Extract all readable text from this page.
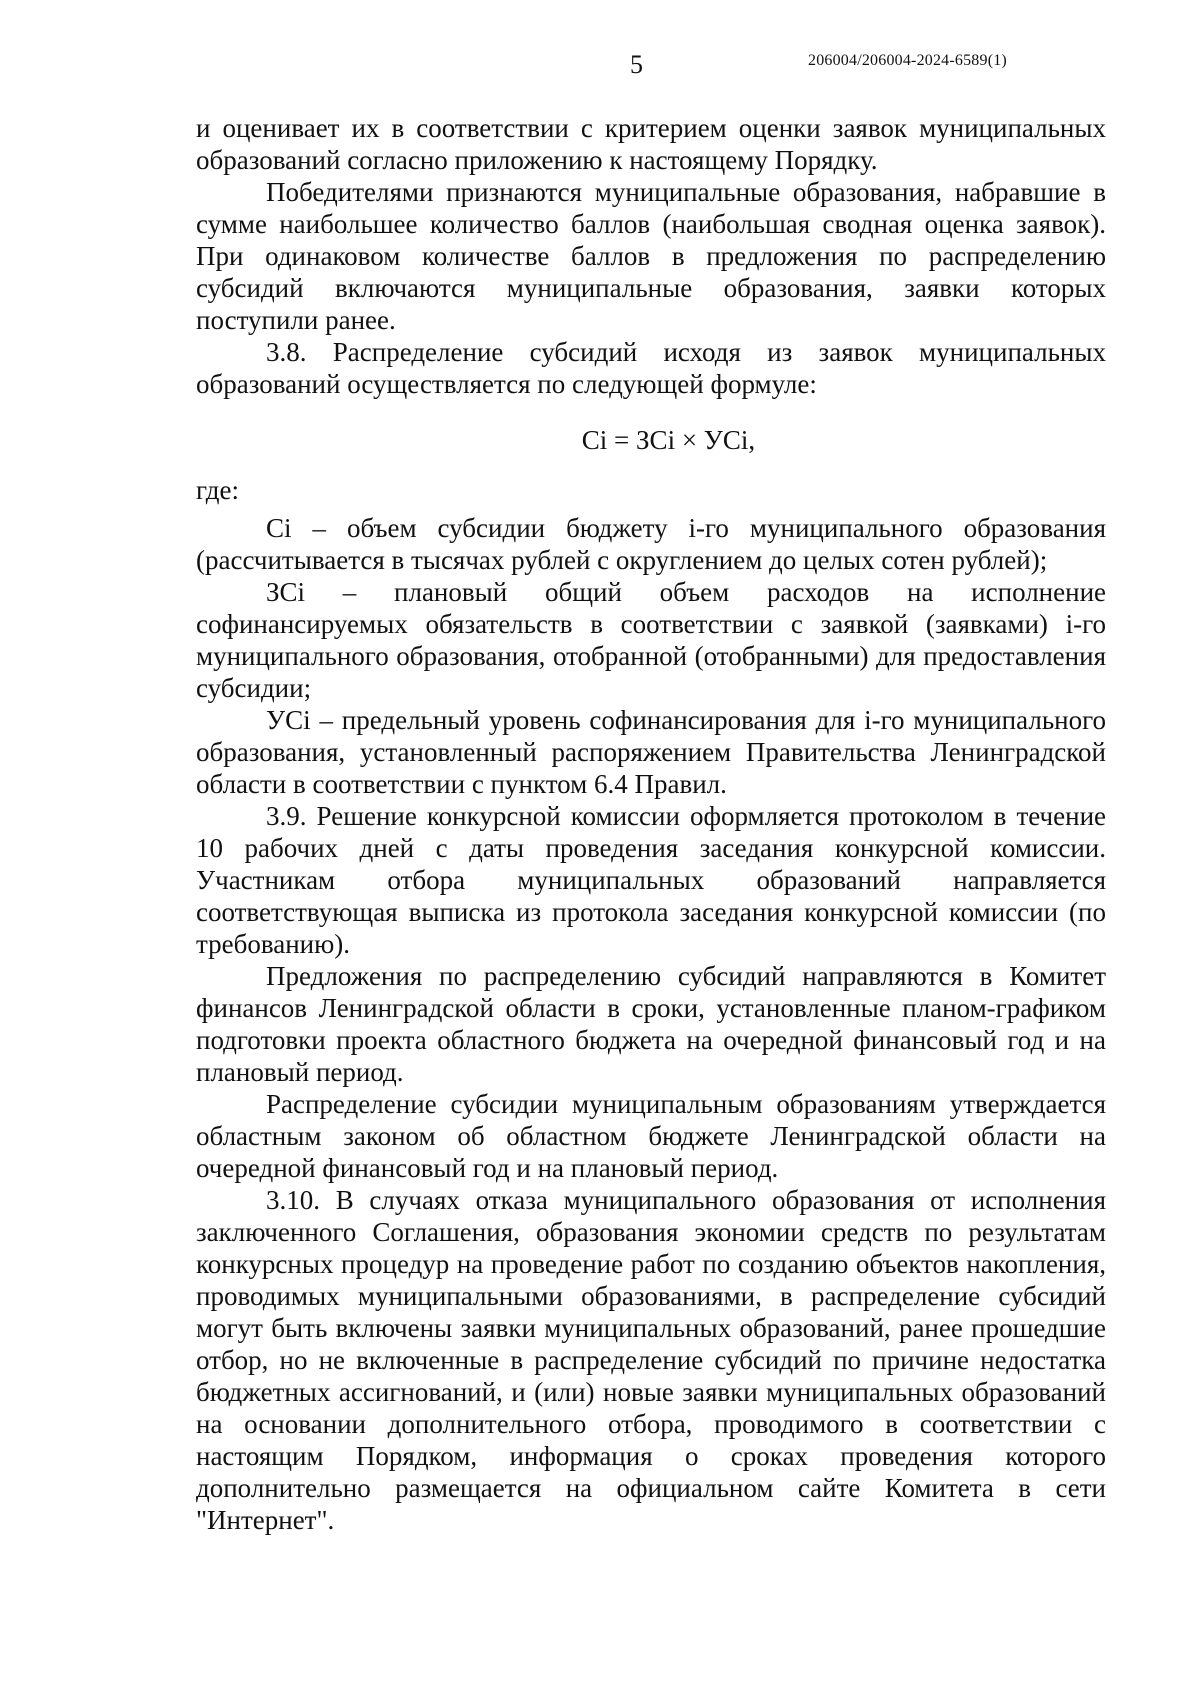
5	206004/206004-2024-6589(1)

и оценивает их в соответствии с критерием оценки заявок муниципальных образований согласно приложению к настоящему Порядку.

Победителями признаются муниципальные образования, набравшие в сумме наибольшее количество баллов (наибольшая сводная оценка заявок). При одинаковом количестве баллов в предложения по распределению субсидий включаются муниципальные образования, заявки которых поступили ранее.

3.8. Распределение субсидий исходя из заявок муниципальных образований осуществляется по следующей формуле:

Ci = ЗCi × УCi,

где:

Ci – объем субсидии бюджету i-го муниципального образования (рассчитывается в тысячах рублей с округлением до целых сотен рублей);

ЗCi – плановый общий объем расходов на исполнение софинансируемых обязательств в соответствии с заявкой (заявками) i-го муниципального образования, отобранной (отобранными) для предоставления субсидии;

УCi – предельный уровень софинансирования для i-го муниципального образования, установленный распоряжением Правительства Ленинградской области в соответствии с пунктом 6.4 Правил.

3.9. Решение конкурсной комиссии оформляется протоколом в течение 10 рабочих дней с даты проведения заседания конкурсной комиссии. Участникам отбора муниципальных образований направляется соответствующая выписка из протокола заседания конкурсной комиссии (по требованию).

Предложения по распределению субсидий направляются в Комитет финансов Ленинградской области в сроки, установленные планом-графиком подготовки проекта областного бюджета на очередной финансовый год и на плановый период.

Распределение субсидии муниципальным образованиям утверждается областным законом об областном бюджете Ленинградской области на очередной финансовый год и на плановый период.

3.10. В случаях отказа муниципального образования от исполнения заключенного Соглашения, образования экономии средств по результатам конкурсных процедур на проведение работ по созданию объектов накопления, проводимых муниципальными образованиями, в распределение субсидий могут быть включены заявки муниципальных образований, ранее прошедшие отбор, но не включенные в распределение субсидий по причине недостатка бюджетных ассигнований, и (или) новые заявки муниципальных образований на основании дополнительного отбора, проводимого в соответствии с настоящим Порядком, информация о сроках проведения которого дополнительно размещается на официальном сайте Комитета в сети "Интернет".
